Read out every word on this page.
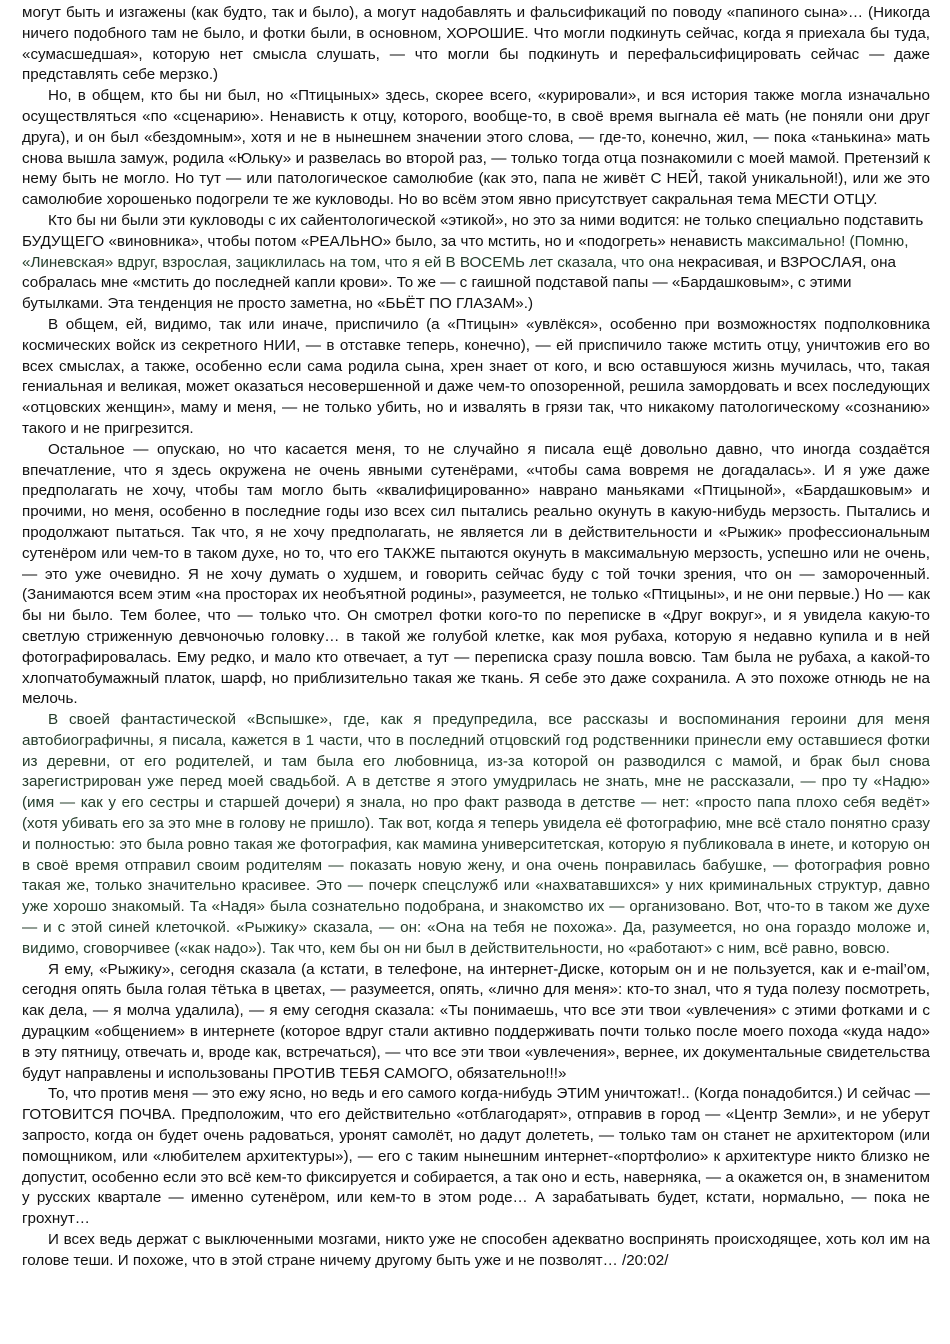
могут быть и изгажены (как будто, так и было), а могут надобавлять и фальсификаций по поводу «папиного сына»… (Никогда ничего подобного там не было, и фотки были, в основном, ХОРОШИЕ. Что могли подкинуть сейчас, когда я приехала бы туда, «сумасшедшая», которую нет смысла слушать, — что могли бы подкинуть и перефальсифицировать сейчас — даже представлять себе мерзко.)

Но, в общем, кто бы ни был, но «Птицыных» здесь, скорее всего, «курировали», и вся история также могла изначально осуществляться «по «сценарию». Ненависть к отцу, которого, вообще-то, в своё время выгнала её мать (не поняли они друг друга), и он был «бездомным», хотя и не в нынешнем значении этого слова, — где-то, конечно, жил, — пока «танькина» мать снова вышла замуж, родила «Юльку» и развелась во второй раз, — только тогда отца познакомили с моей мамой. Претензий к нему быть не могло. Но тут — или патологическое самолюбие (как это, папа не живёт С НЕЙ, такой уникальной!), или же это самолюбие хорошенько подогрели те же кукловоды. Но во всём этом явно присутствует сакральная тема МЕСТИ ОТЦУ.

Кто бы ни были эти кукловоды с их сайентологической «этикой», но это за ними водится: не только специально подставить БУДУЩЕГО «виновника», чтобы потом «РЕАЛЬНО» было, за что мстить, но и «подогреть» ненависть максимально! (Помню, «Линевская» вдруг, взрослая, зациклилась на том, что я ей В ВОСЕМЬ лет сказала, что она некрасивая, и ВЗРОСЛАЯ, она собралась мне «мстить до последней капли крови». То же — с гаишной подставой папы — «Бардашковым», с этими бутылками. Эта тенденция не просто заметна, но «БЬЁТ ПО ГЛАЗАМ».)

В общем, ей, видимо, так или иначе, приспичило (а «Птицын» «увлёкся», особенно при возможностях подполковника космических войск из секретного НИИ, — в отставке теперь, конечно), — ей приспичило также мстить отцу, уничтожив его во всех смыслах, а также, особенно если сама родила сына, хрен знает от кого, и всю оставшуюся жизнь мучилась, что, такая гениальная и великая, может оказаться несовершенной и даже чем-то опозоренной, решила замордовать и всех последующих «отцовских женщин», маму и меня, — не только убить, но и извалять в грязи так, что никакому патологическому «сознанию» такого и не пригрезится.

Остальное — опускаю, но что касается меня, то не случайно я писала ещё довольно давно, что иногда создаётся впечатление, что я здесь окружена не очень явными сутенёрами, «чтобы сама вовремя не догадалась». И я уже даже предполагать не хочу, чтобы там могло быть «квалифицированно» наврано маньяками «Птицыной», «Бардашковым» и прочими, но меня, особенно в последние годы изо всех сил пытались реально окунуть в какую-нибудь мерзость. Пытались и продолжают пытаться. Так что, я не хочу предполагать, не является ли в действительности и «Рыжик» профессиональным сутенёром или чем-то в таком духе, но то, что его ТАКЖЕ пытаются окунуть в максимальную мерзость, успешно или не очень, — это уже очевидно. Я не хочу думать о худшем, и говорить сейчас буду с той точки зрения, что он — замороченный. (Занимаются всем этим «на просторах их необъятной родины», разумеется, не только «Птицыны», и не они первые.) Но — как бы ни было. Тем более, что — только что. Он смотрел фотки кого-то по переписке в «Друг вокруг», и я увидела какую-то светлую стриженную девчоночью головку… в такой же голубой клетке, как моя рубаха, которую я недавно купила и в ней фотографировалась. Ему редко, и мало кто отвечает, а тут — переписка сразу пошла вовсю. Там была не рубаха, а какой-то хлопчатобумажный платок, шарф, но приблизительно такая же ткань. Я себе это даже сохранила. А это похоже отнюдь не на мелочь.

В своей фантастической «Вспышке», где, как я предупредила, все рассказы и воспоминания героини для меня автобиографичны, я писала, кажется в 1 части, что в последний отцовский год родственники принесли ему оставшиеся фотки из деревни, от его родителей, и там была его любовница, из-за которой он разводился с мамой, и брак был снова зарегистрирован уже перед моей свадьбой. А в детстве я этого умудрилась не знать, мне не рассказали, — про ту «Надю» (имя — как у его сестры и старшей дочери) я знала, но про факт развода в детстве — нет: «просто папа плохо себя ведёт» (хотя убивать его за это мне в голову не пришло). Так вот, когда я теперь увидела её фотографию, мне всё стало понятно сразу и полностью: это была ровно такая же фотография, как мамина университетская, которую я публиковала в инете, и которую он в своё время отправил своим родителям — показать новую жену, и она очень понравилась бабушке, — фотография ровно такая же, только значительно красивее. Это — почерк спецслужб или «нахвата​вшихся» у них криминальных структур, давно уже хорошо знакомый. Та «Надя» была сознательно подобрана, и знакомство их — организовано. Вот, что-то в таком же духе — и с этой синей клеточкой. «Рыжику» сказала, — он: «Она на тебя не похожа». Да, разумеется, но она гораздо моложе и, видимо, сговорчивее («как надо»). Так что, кем бы он ни был в действительности, но «работают» с ним, всё равно, вовсю.

Я ему, «Рыжику», сегодня сказала (а кстати, в телефоне, на интернет-Диске, которым он и не пользуется, как и e-mail’ом, сегодня опять была голая тётька в цветах, — разумеется, опять, «лично для меня»: кто-то знал, что я туда полезу посмотреть, как дела, — я молча удалила), — я ему сегодня сказала: «Ты понимаешь, что все эти твои «увлечения» с этими фотками и с дурацким «общением» в интернете (которое вдруг стали активно поддерживать почти только после моего похода «куда надо» в эту пятницу, отвечать и, вроде как, встречаться), — что все эти твои «увлечения», вернее, их документальные свидетельства будут направлены и использованы ПРОТИВ ТЕБЯ САМОГО, обязательно!!!»

То, что против меня — это ежу ясно, но ведь и его самого когда-нибудь ЭТИМ уничтожат!.. (Когда понадобится.) И сейчас — ГОТОВИТСЯ ПОЧВА. Предположим, что его действительно «отблагодарят», отправив в город — «Центр Земли», и не уберут запросто, когда он будет очень радоваться, уронят самолёт, но дадут долететь, — только там он станет не архитектором (или помощником, или «любителем архитектуры»), — его с таким нынешним интернет-«портфолио» к архитектуре никто близко не допустит, особенно если это всё кем-то фиксируется и собирается, а так оно и есть, наверняка, — а окажется он, в знаменитом у русских квартале — именно сутенёром, или кем-то в этом роде… А зарабатывать будет, кстати, нормально, — пока не грохнут…

И всех ведь держат с выключенными мозгами, никто уже не способен адекватно воспринять происходящее, хоть кол им на голове теши. И похоже, что в этой стране ничему другому быть уже и не позволят… /20:02/
